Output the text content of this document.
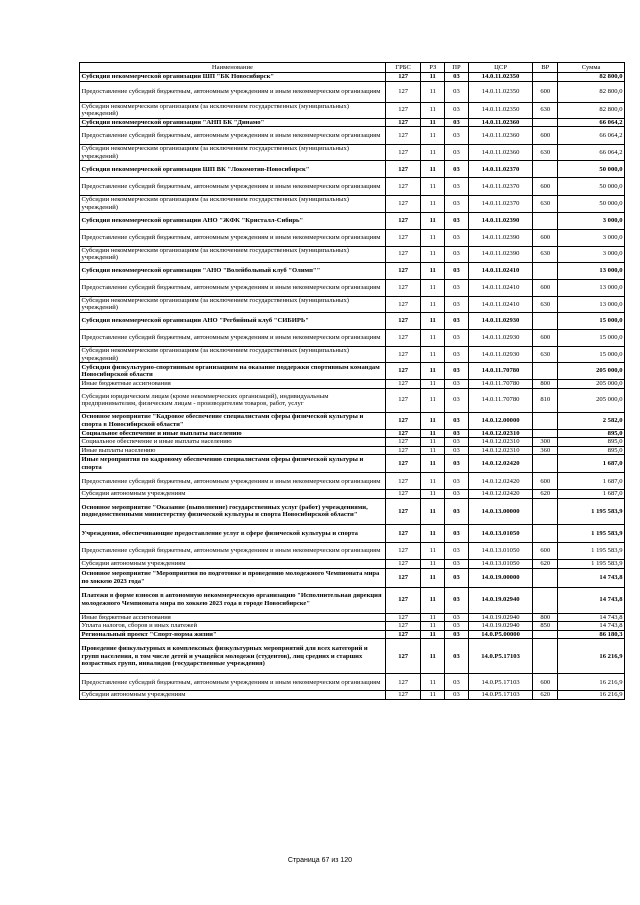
Наименование	ГРБС	РЗ	ПР	ЦСР	ВР	Сумма
Субсидия некоммерческой организации ШП "БК Новосибирск"	127	11	03	14.0.11.02350		82 800,0
Предоставление субсидий бюджетным, автономным учреждениям и иным некоммерческим организациям	127	11	03	14.0.11.02350	600	82 800,0
Субсидии некоммерческим организациям (за исключением государственных (муниципальных) учреждений)	127	11	03	14.0.11.02350	630	82 800,0
Субсидия некоммерческой организации "АНП БК "Динамо"	127	11	03	14.0.11.02360		66 064,2
Предоставление субсидий бюджетным, автономным учреждениям и иным некоммерческим организациям	127	11	03	14.0.11.02360	600	66 064,2
Субсидии некоммерческим организациям (за исключением государственных (муниципальных) учреждений)	127	11	03	14.0.11.02360	630	66 064,2
Субсидия некоммерческой организации ШП ВК "Локомотив-Новосибирск"	127	11	03	14.0.11.02370		50 000,0
Предоставление субсидий бюджетным, автономным учреждениям и иным некоммерческим организациям	127	11	03	14.0.11.02370	600	50 000,0
Субсидии некоммерческим организациям (за исключением государственных (муниципальных) учреждений)	127	11	03	14.0.11.02370	630	50 000,0
Субсидия некоммерческой организации АНО "ЖФК "Кристалл-Сибирь"	127	11	03	14.0.11.02390		3 000,0
Предоставление субсидий бюджетным, автономным учреждениям и иным некоммерческим организациям	127	11	03	14.0.11.02390	600	3 000,0
Субсидии некоммерческим организациям (за исключением государственных (муниципальных) учреждений)	127	11	03	14.0.11.02390	630	3 000,0
Субсидия некоммерческой организации "АНО "Волейбольный клуб "Олимп""	127	11	03	14.0.11.02410		13 000,0
Предоставление субсидий бюджетным, автономным учреждениям и иным некоммерческим организациям	127	11	03	14.0.11.02410	600	13 000,0
Субсидии некоммерческим организациям (за исключением государственных (муниципальных) учреждений)	127	11	03	14.0.11.02410	630	13 000,0
Субсидия некоммерческой организации АНО "Регбийный клуб "СИБИРЬ"	127	11	03	14.0.11.02930		15 000,0
Предоставление субсидий бюджетным, автономным учреждениям и иным некоммерческим организациям	127	11	03	14.0.11.02930	600	15 000,0
Субсидии некоммерческим организациям (за исключением государственных (муниципальных) учреждений)	127	11	03	14.0.11.02930	630	15 000,0
Субсидии физкультурно-спортивным организациям на оказание поддержки спортивным командам Новосибирской области	127	11	03	14.0.11.70780		205 000,0
Иные бюджетные ассигнования	127	11	03	14.0.11.70780	800	205 000,0
Субсидии юридическим лицам (кроме некоммерческих организаций), индивидуальным предпринимателям, физическим лицам - производителям товаров, работ, услуг	127	11	03	14.0.11.70780	810	205 000,0
Основное мероприятие "Кадровое обеспечение специалистами сферы физической культуры и спорта в Новосибирской области"	127	11	03	14.0.12.00000		2 582,0
Социальное обеспечение и иные выплаты населению	127	11	03	14.0.12.02310		895,0
Социальное обеспечение и иные выплаты населению	127	11	03	14.0.12.02310	300	895,0
Иные выплаты населению	127	11	03	14.0.12.02310	360	895,0
Иные мероприятия по кадровому обеспечению специалистами сферы физической культуры и спорта	127	11	03	14.0.12.02420		1 687,0
Предоставление субсидий бюджетным, автономным учреждениям и иным некоммерческим организациям	127	11	03	14.0.12.02420	600	1 687,0
Субсидии автономным учреждениям	127	11	03	14.0.12.02420	620	1 687,0
Основное мероприятие "Оказание (выполнение) государственных услуг (работ) учреждениями, подведомственными министерству физической культуры и спорта Новосибирской области"	127	11	03	14.0.13.00000		1 195 583,9
Учреждения, обеспечивающие предоставление услуг в сфере физической культуры и спорта	127	11	03	14.0.13.01050		1 195 583,9
Предоставление субсидий бюджетным, автономным учреждениям и иным некоммерческим организациям	127	11	03	14.0.13.01050	600	1 195 583,9
Субсидии автономным учреждениям	127	11	03	14.0.13.01050	620	1 195 583,9
Основное мероприятие "Мероприятия по подготовке и проведению молодежного Чемпионата мира по хоккею 2023 года"	127	11	03	14.0.19.00000		14 743,8
Платежи в форме взносов в автономную некоммерческую организацию "Исполнительная дирекция молодежного Чемпионата мира по хоккею 2023 года в городе Новосибирске"	127	11	03	14.0.19.02940		14 743,8
Иные бюджетные ассигнования	127	11	03	14.0.19.02940	800	14 743,8
Уплата налогов, сборов и иных платежей	127	11	03	14.0.19.02940	850	14 743,8
Региональный проект "Спорт-норма жизни"	127	11	03	14.0.P5.00000		86 180,3
Проведение физкультурных и комплексных физкультурных мероприятий для всех категорий и групп населения, в том числе детей и учащейся молодежи (студентов), лиц средних и старших возрастных групп, инвалидов (государственные учреждения)	127	11	03	14.0.P5.17103		16 216,9
Предоставление субсидий бюджетным, автономным учреждениям и иным некоммерческим организациям	127	11	03	14.0.P5.17103	600	16 216,9
Субсидии автономным учреждениям	127	11	03	14.0.P5.17103	620	16 216,9
Страница 67 из 120
